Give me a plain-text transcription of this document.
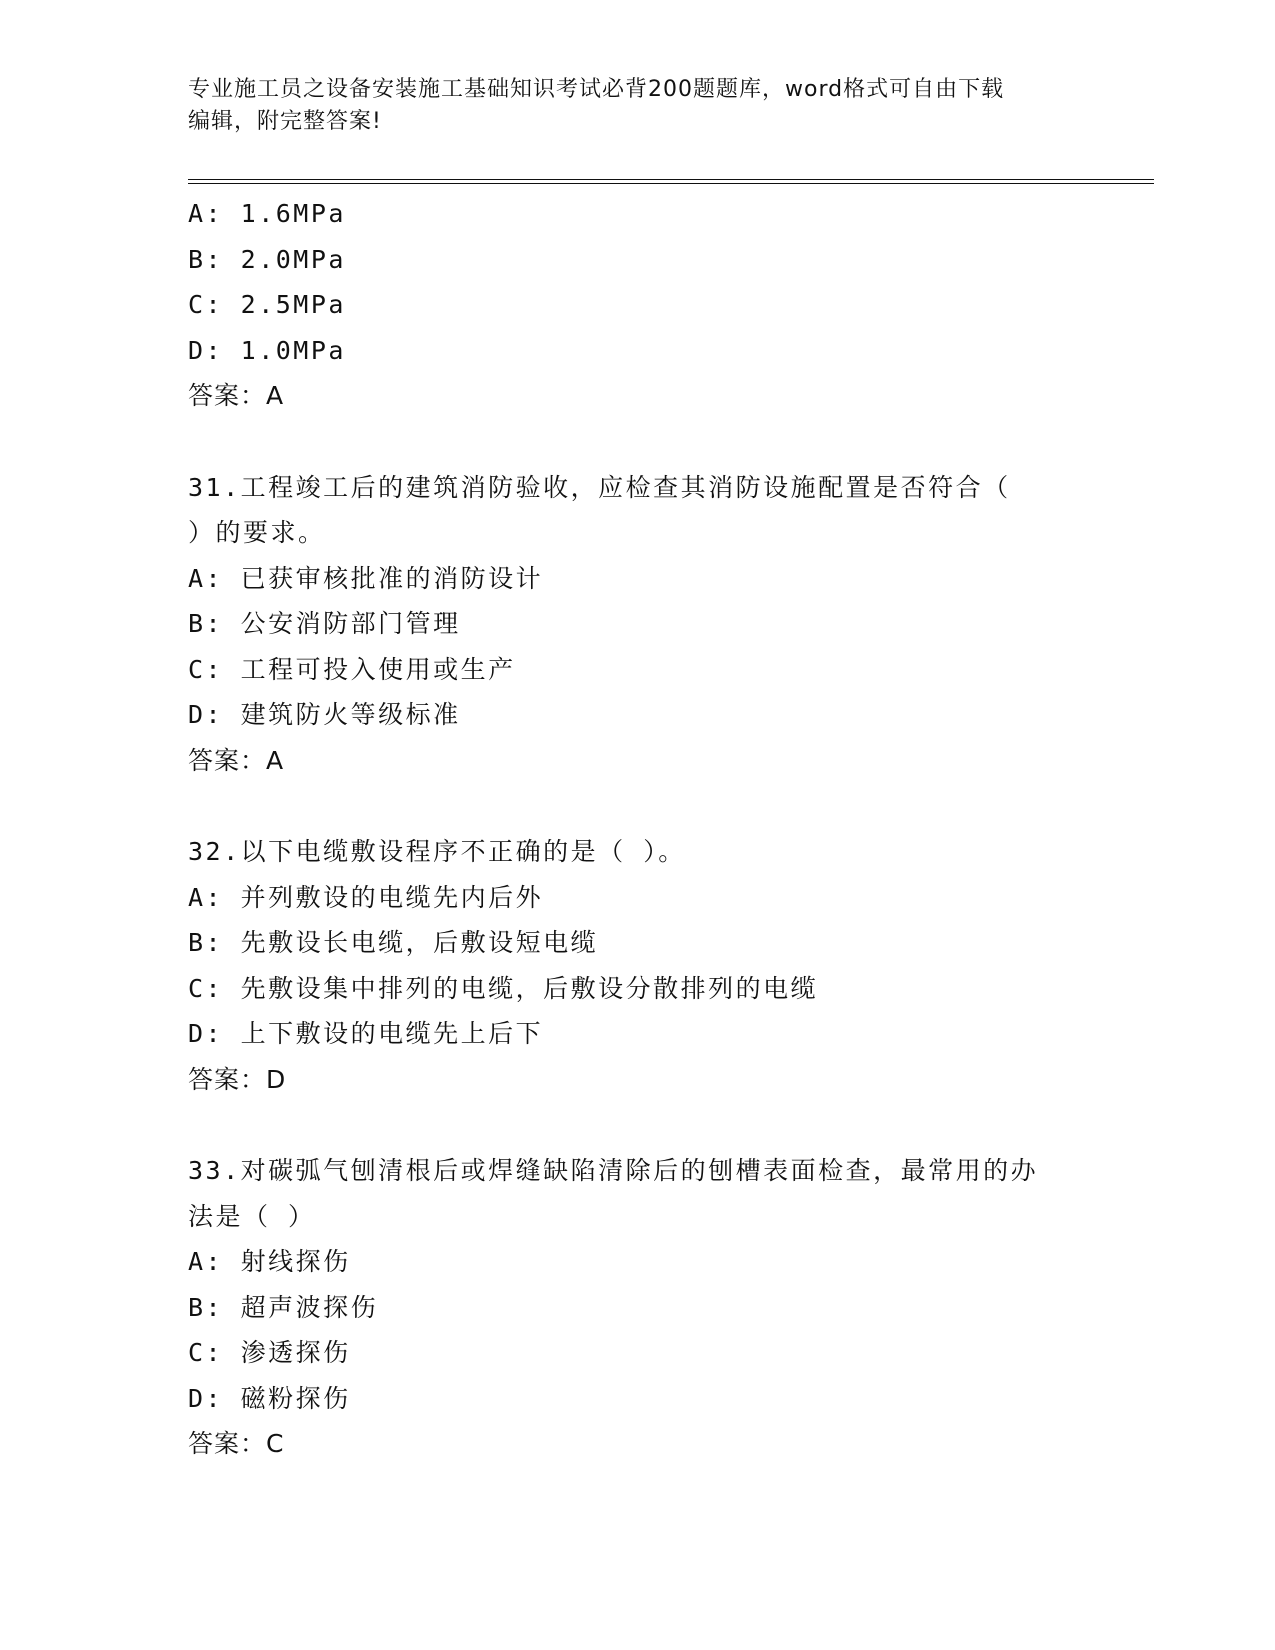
专业施工员之设备安装施工基础知识考试必背200题题库，word格式可自由下载
编辑，附完整答案!
A: 1.6MPa
B: 2.0MPa
C: 2.5MPa
D: 1.0MPa
答案：A
31.工程竣工后的建筑消防验收，应检查其消防设施配置是否符合（
）的要求。
A: 已获审核批准的消防设计
B: 公安消防部门管理
C: 工程可投入使用或生产
D: 建筑防火等级标准
答案：A
32.以下电缆敷设程序不正确的是（ ）。
A: 并列敷设的电缆先内后外
B: 先敷设长电缆，后敷设短电缆
C: 先敷设集中排列的电缆，后敷设分散排列的电缆
D: 上下敷设的电缆先上后下
答案：D
33.对碳弧气刨清根后或焊缝缺陷清除后的刨槽表面检查，最常用的办
法是（ ）
A: 射线探伤
B: 超声波探伤
C: 渗透探伤
D: 磁粉探伤
答案：C
